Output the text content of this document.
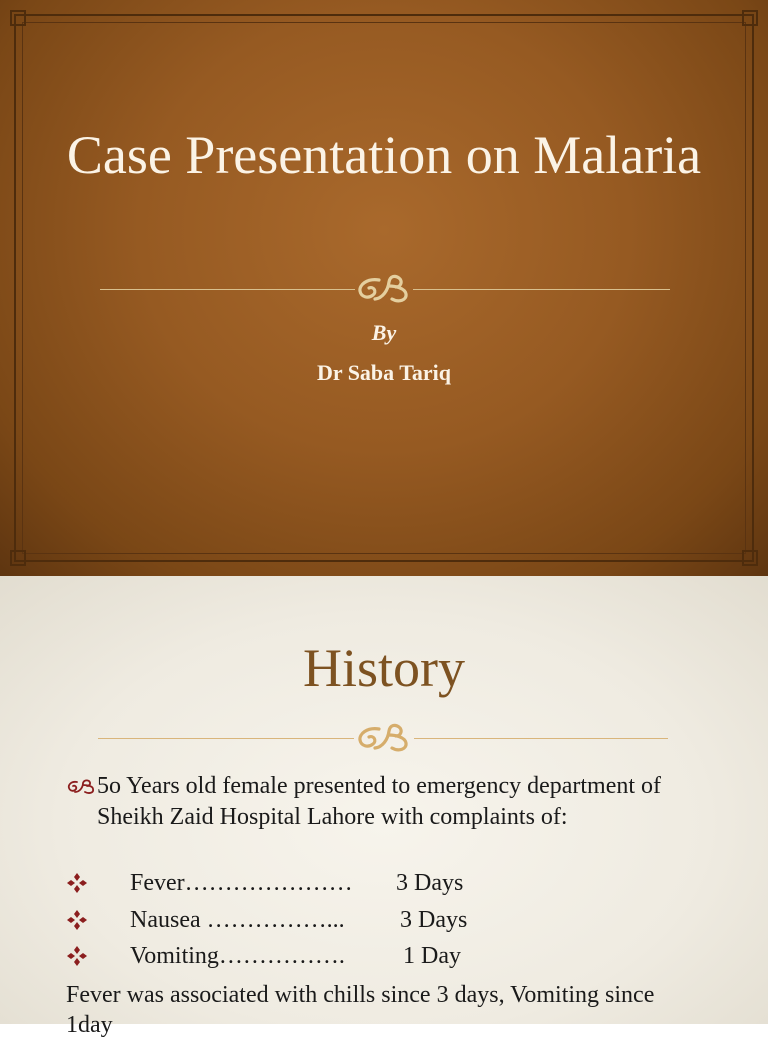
Case Presentation on Malaria
By
Dr Saba Tariq
History

5o Years old female presented to emergency department of Sheikh Zaid Hospital Lahore with complaints of:

Fever………………… 3 Days
Nausea ……………... 3 Days
Vomiting……………. 1 Day

Fever was associated with chills since 3 days, Vomiting since 1day
